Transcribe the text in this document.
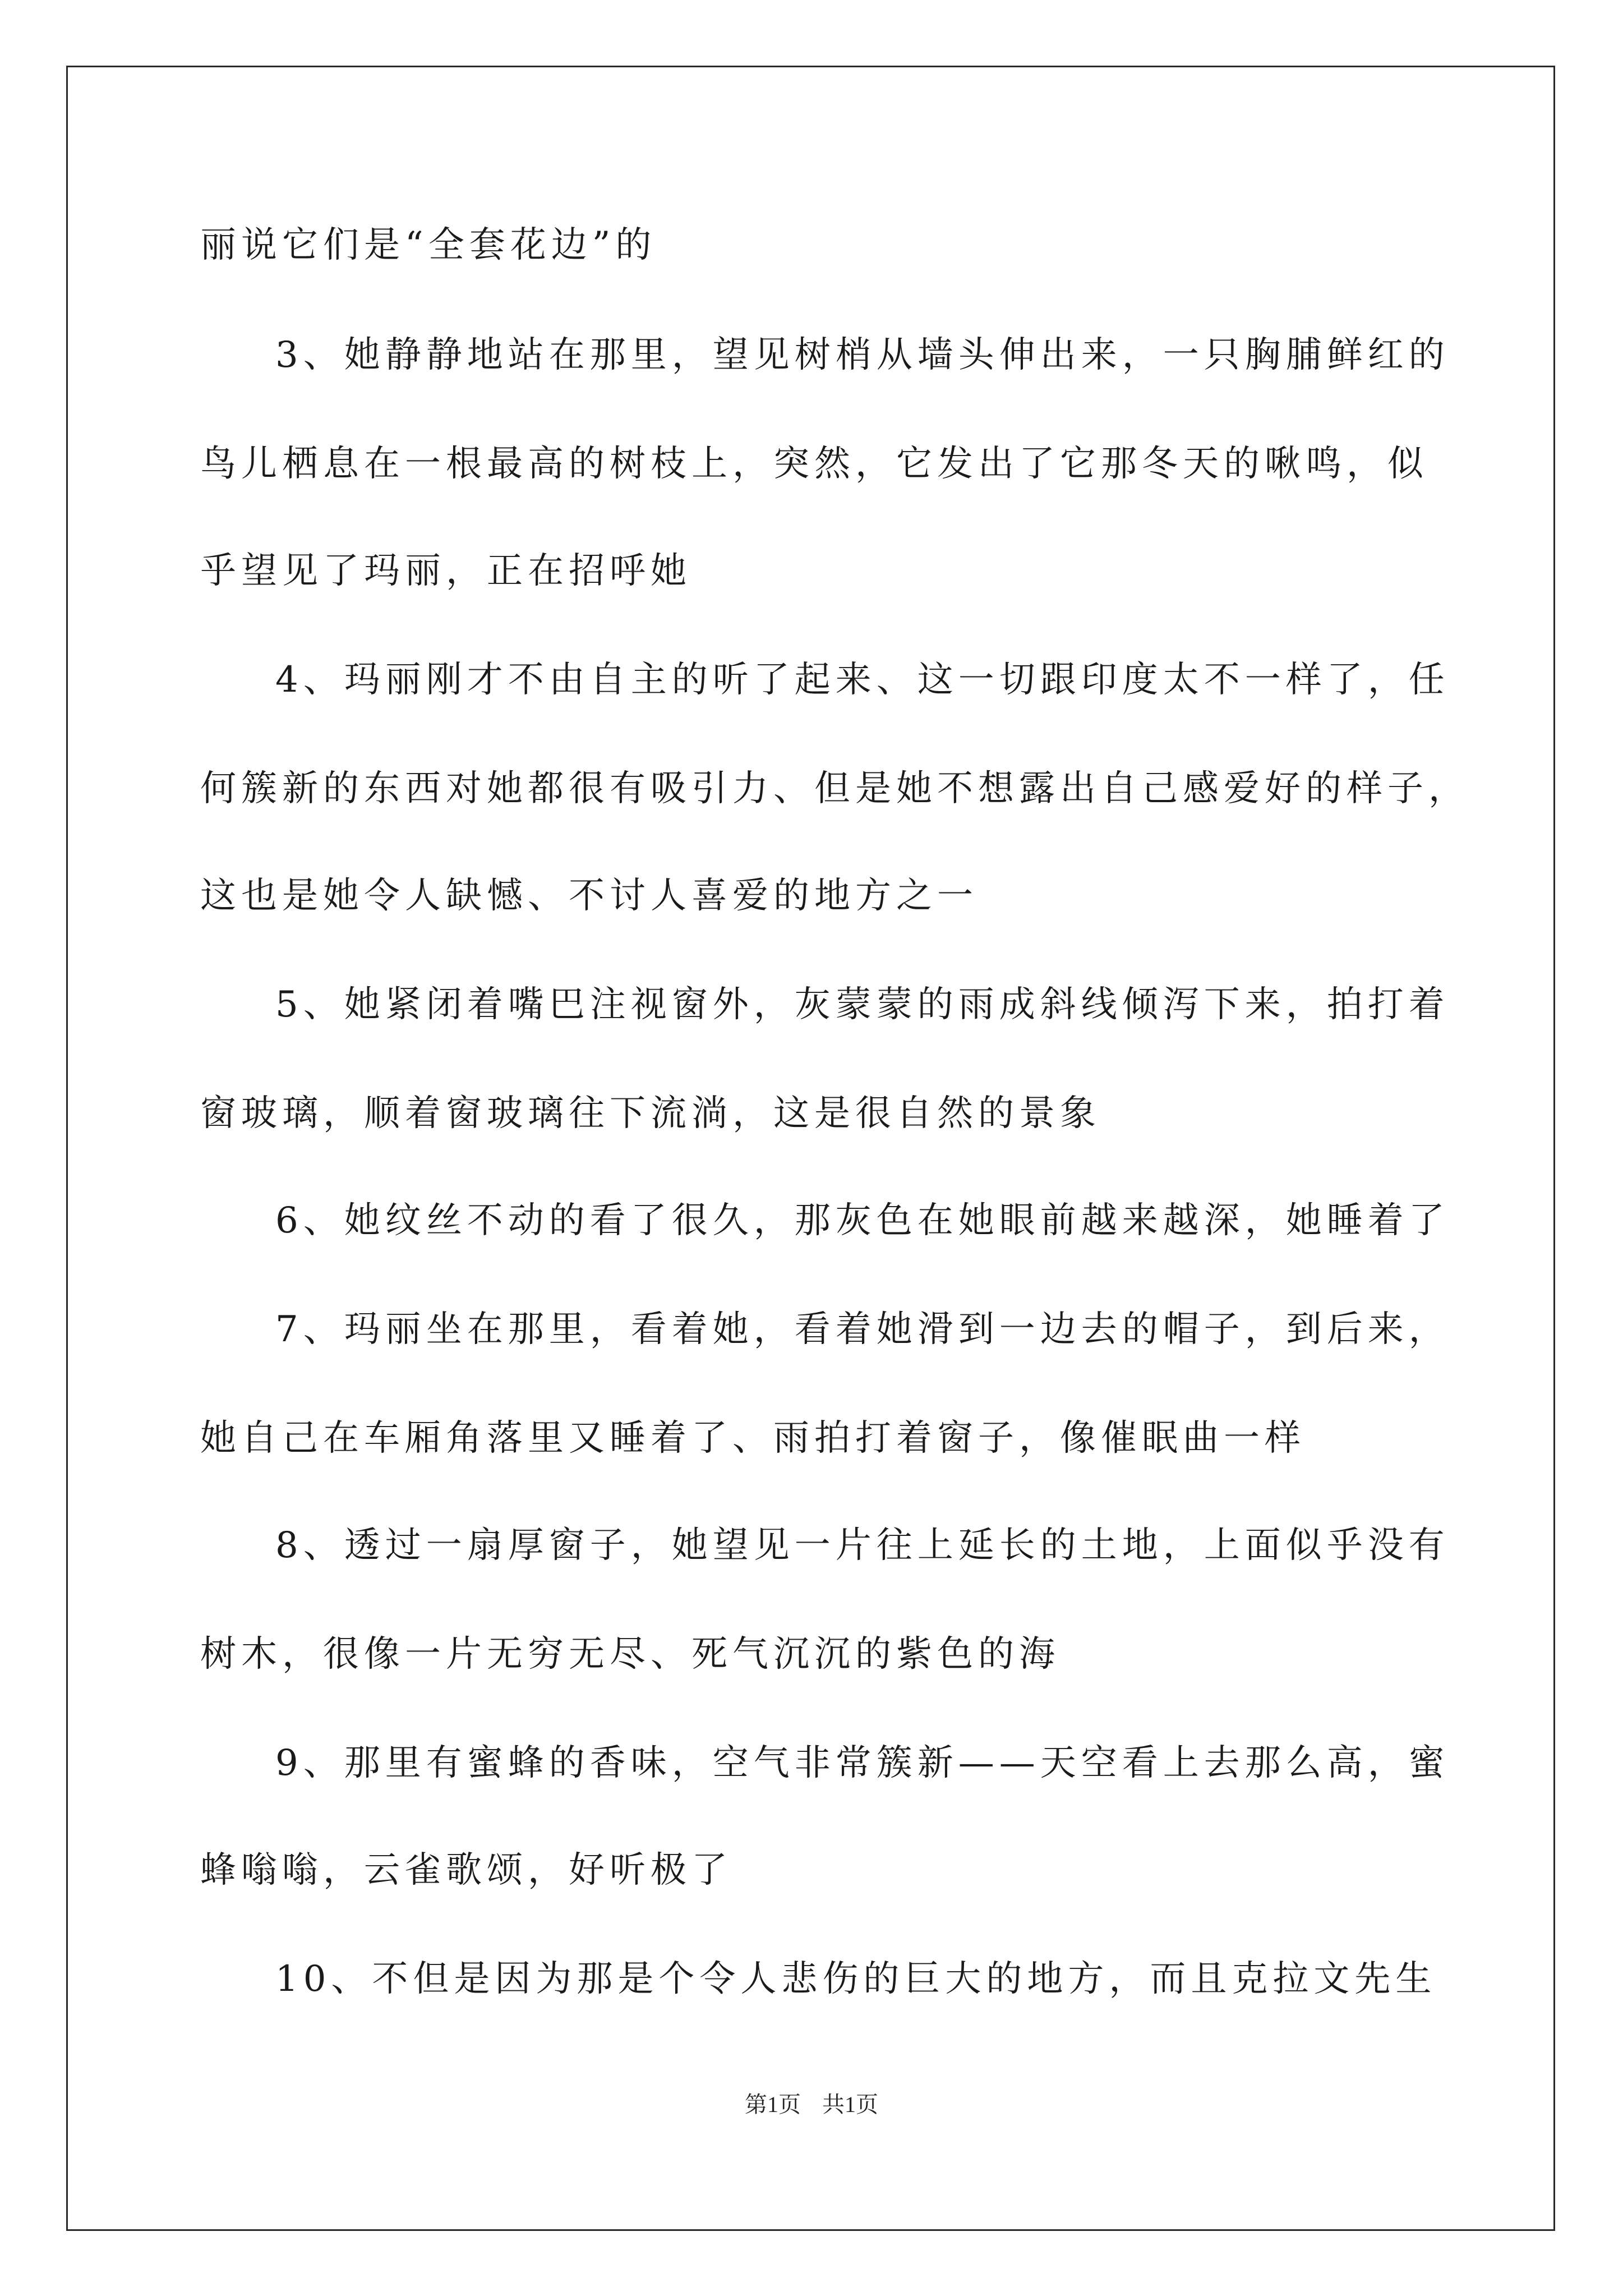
丽说它们是“全套花边”的
3、她静静地站在那里，望见树梢从墙头伸出来，一只胸脯鲜红的
鸟儿栖息在一根最高的树枝上，突然，它发出了它那冬天的啾鸣，似
乎望见了玛丽，正在招呼她
4、玛丽刚才不由自主的听了起来、这一切跟印度太不一样了，任
何簇新的东西对她都很有吸引力、但是她不想露出自己感爱好的样子，
这也是她令人缺憾、不讨人喜爱的地方之一
5、她紧闭着嘴巴注视窗外，灰蒙蒙的雨成斜线倾泻下来，拍打着
窗玻璃，顺着窗玻璃往下流淌，这是很自然的景象
6、她纹丝不动的看了很久，那灰色在她眼前越来越深，她睡着了
7、玛丽坐在那里，看着她，看着她滑到一边去的帽子，到后来，
她自己在车厢角落里又睡着了、雨拍打着窗子，像催眠曲一样
8、透过一扇厚窗子，她望见一片往上延长的土地，上面似乎没有
树木，很像一片无穷无尽、死气沉沉的紫色的海
9、那里有蜜蜂的香味，空气非常簇新——天空看上去那么高，蜜
蜂嗡嗡，云雀歌颂，好听极了
10、不但是因为那是个令人悲伤的巨大的地方，而且克拉文先生
第1页 共1页
